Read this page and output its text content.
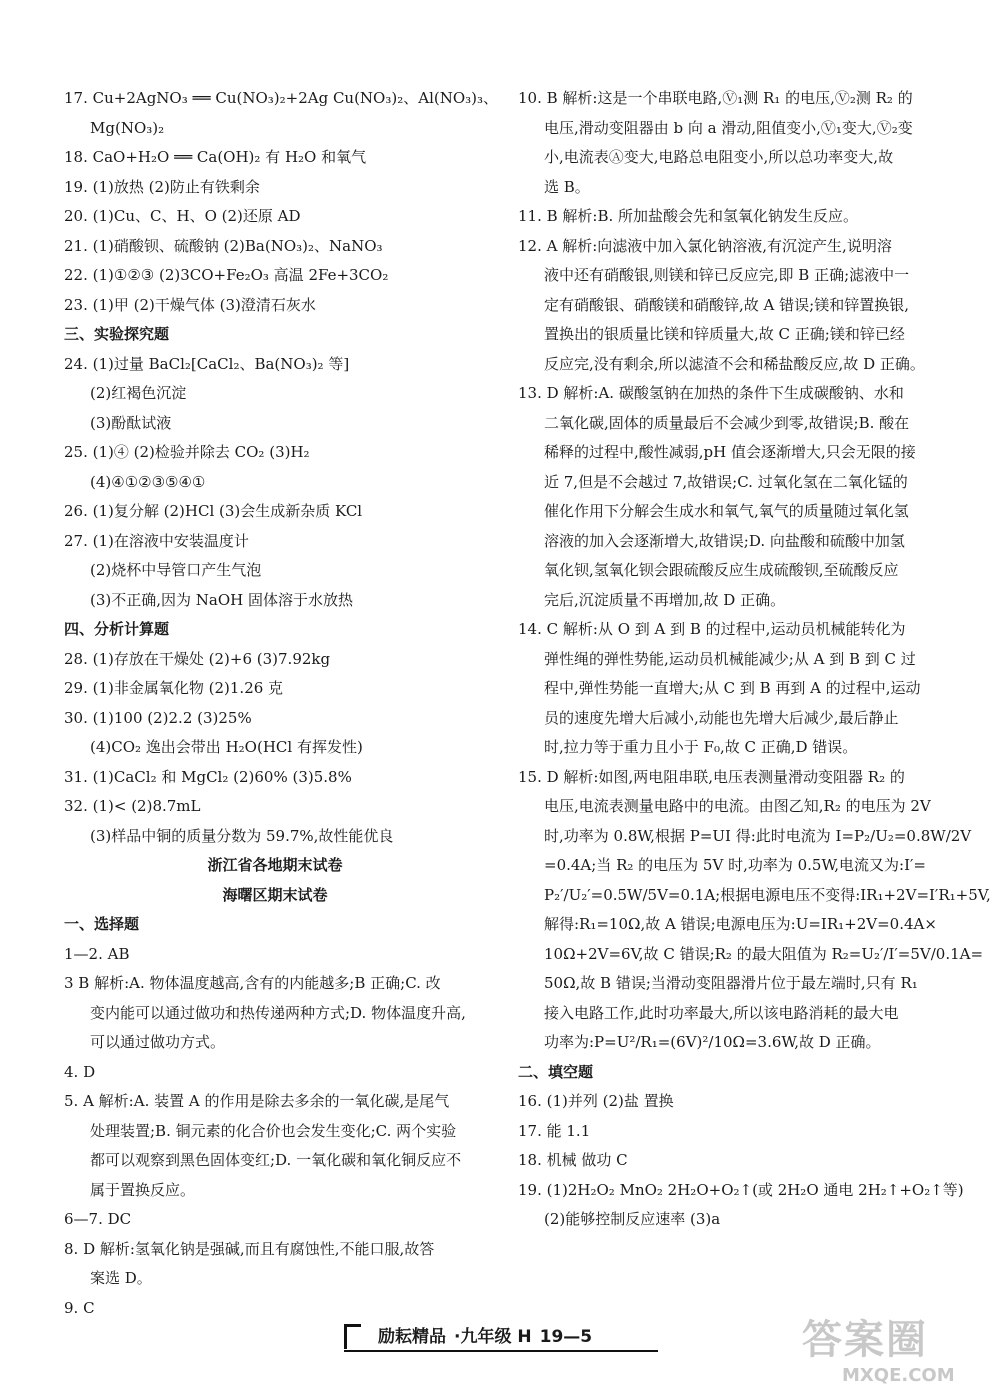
17. Cu+2AgNO₃ ══ Cu(NO₃)₂+2Ag Cu(NO₃)₂、Al(NO₃)₃、
Mg(NO₃)₂
18. CaO+H₂O ══ Ca(OH)₂ 有 H₂O 和氧气
19. (1)放热 (2)防止有铁剩余
20. (1)Cu、C、H、O (2)还原 AD
21. (1)硝酸钡、硫酸钠 (2)Ba(NO₃)₂、NaNO₃
22. (1)①②③ (2)3CO+Fe₂O₃ 高温 2Fe+3CO₂
23. (1)甲 (2)干燥气体 (3)澄清石灰水
三、实验探究题
24. (1)过量 BaCl₂[CaCl₂、Ba(NO₃)₂ 等]
(2)红褐色沉淀
(3)酚酞试液
25. (1)④ (2)检验并除去 CO₂ (3)H₂
(4)④①②③⑤④①
26. (1)复分解 (2)HCl (3)会生成新杂质 KCl
27. (1)在溶液中安装温度计
(2)烧杯中导管口产生气泡
(3)不正确,因为 NaOH 固体溶于水放热
四、分析计算题
28. (1)存放在干燥处 (2)+6 (3)7.92kg
29. (1)非金属氧化物 (2)1.26 克
30. (1)100 (2)2.2 (3)25%
(4)CO₂ 逸出会带出 H₂O(HCl 有挥发性)
31. (1)CaCl₂ 和 MgCl₂ (2)60% (3)5.8%
32. (1)< (2)8.7mL
(3)样品中铜的质量分数为 59.7%,故性能优良
浙江省各地期末试卷
海曙区期末试卷
一、选择题
1—2. AB
3 B 解析:A. 物体温度越高,含有的内能越多;B 正确;C. 改
变内能可以通过做功和热传递两种方式;D. 物体温度升高,
可以通过做功方式。
4. D
5. A 解析:A. 装置 A 的作用是除去多余的一氧化碳,是尾气
处理装置;B. 铜元素的化合价也会发生变化;C. 两个实验
都可以观察到黑色固体变红;D. 一氧化碳和氧化铜反应不
属于置换反应。
6—7. DC
8. D 解析:氢氧化钠是强碱,而且有腐蚀性,不能口服,故答
案选 D。
9. C
10. B 解析:这是一个串联电路,Ⓥ₁测 R₁ 的电压,Ⓥ₂测 R₂ 的
电压,滑动变阻器由 b 向 a 滑动,阻值变小,Ⓥ₁变大,Ⓥ₂变
小,电流表Ⓐ变大,电路总电阻变小,所以总功率变大,故
选 B。
11. B 解析:B. 所加盐酸会先和氢氧化钠发生反应。
12. A 解析:向滤液中加入氯化钠溶液,有沉淀产生,说明溶
液中还有硝酸银,则镁和锌已反应完,即 B 正确;滤液中一
定有硝酸银、硝酸镁和硝酸锌,故 A 错误;镁和锌置换银,
置换出的银质量比镁和锌质量大,故 C 正确;镁和锌已经
反应完,没有剩余,所以滤渣不会和稀盐酸反应,故 D 正确。
13. D 解析:A. 碳酸氢钠在加热的条件下生成碳酸钠、水和
二氧化碳,固体的质量最后不会减少到零,故错误;B. 酸在
稀释的过程中,酸性减弱,pH 值会逐渐增大,只会无限的接
近 7,但是不会越过 7,故错误;C. 过氧化氢在二氧化锰的
催化作用下分解会生成水和氧气,氧气的质量随过氧化氢
溶液的加入会逐渐增大,故错误;D. 向盐酸和硫酸中加氢
氧化钡,氢氧化钡会跟硫酸反应生成硫酸钡,至硫酸反应
完后,沉淀质量不再增加,故 D 正确。
14. C 解析:从 O 到 A 到 B 的过程中,运动员机械能转化为
弹性绳的弹性势能,运动员机械能减少;从 A 到 B 到 C 过
程中,弹性势能一直增大;从 C 到 B 再到 A 的过程中,运动
员的速度先增大后减小,动能也先增大后减少,最后静止
时,拉力等于重力且小于 F₀,故 C 正确,D 错误。
15. D 解析:如图,两电阻串联,电压表测量滑动变阻器 R₂ 的
电压,电流表测量电路中的电流。由图乙知,R₂ 的电压为 2V
时,功率为 0.8W,根据 P=UI 得:此时电流为 I=P₂/U₂=0.8W/2V
=0.4A;当 R₂ 的电压为 5V 时,功率为 0.5W,电流又为:I′=
P₂′/U₂′=0.5W/5V=0.1A;根据电源电压不变得:IR₁+2V=I′R₁+5V,
解得:R₁=10Ω,故 A 错误;电源电压为:U=IR₁+2V=0.4A×
10Ω+2V=6V,故 C 错误;R₂ 的最大阻值为 R₂=U₂′/I′=5V/0.1A=
50Ω,故 B 错误;当滑动变阻器滑片位于最左端时,只有 R₁
接入电路工作,此时功率最大,所以该电路消耗的最大电
功率为:P=U²/R₁=(6V)²/10Ω=3.6W,故 D 正确。
二、填空题
16. (1)并列 (2)盐 置换
17. 能 1.1
18. 机械 做功 C
19. (1)2H₂O₂ MnO₂ 2H₂O+O₂↑(或 2H₂O 通电 2H₂↑+O₂↑等)
(2)能够控制反应速率 (3)a
励耘精品 ·九年级 H 19—5	答案圈
MXQE.COM
